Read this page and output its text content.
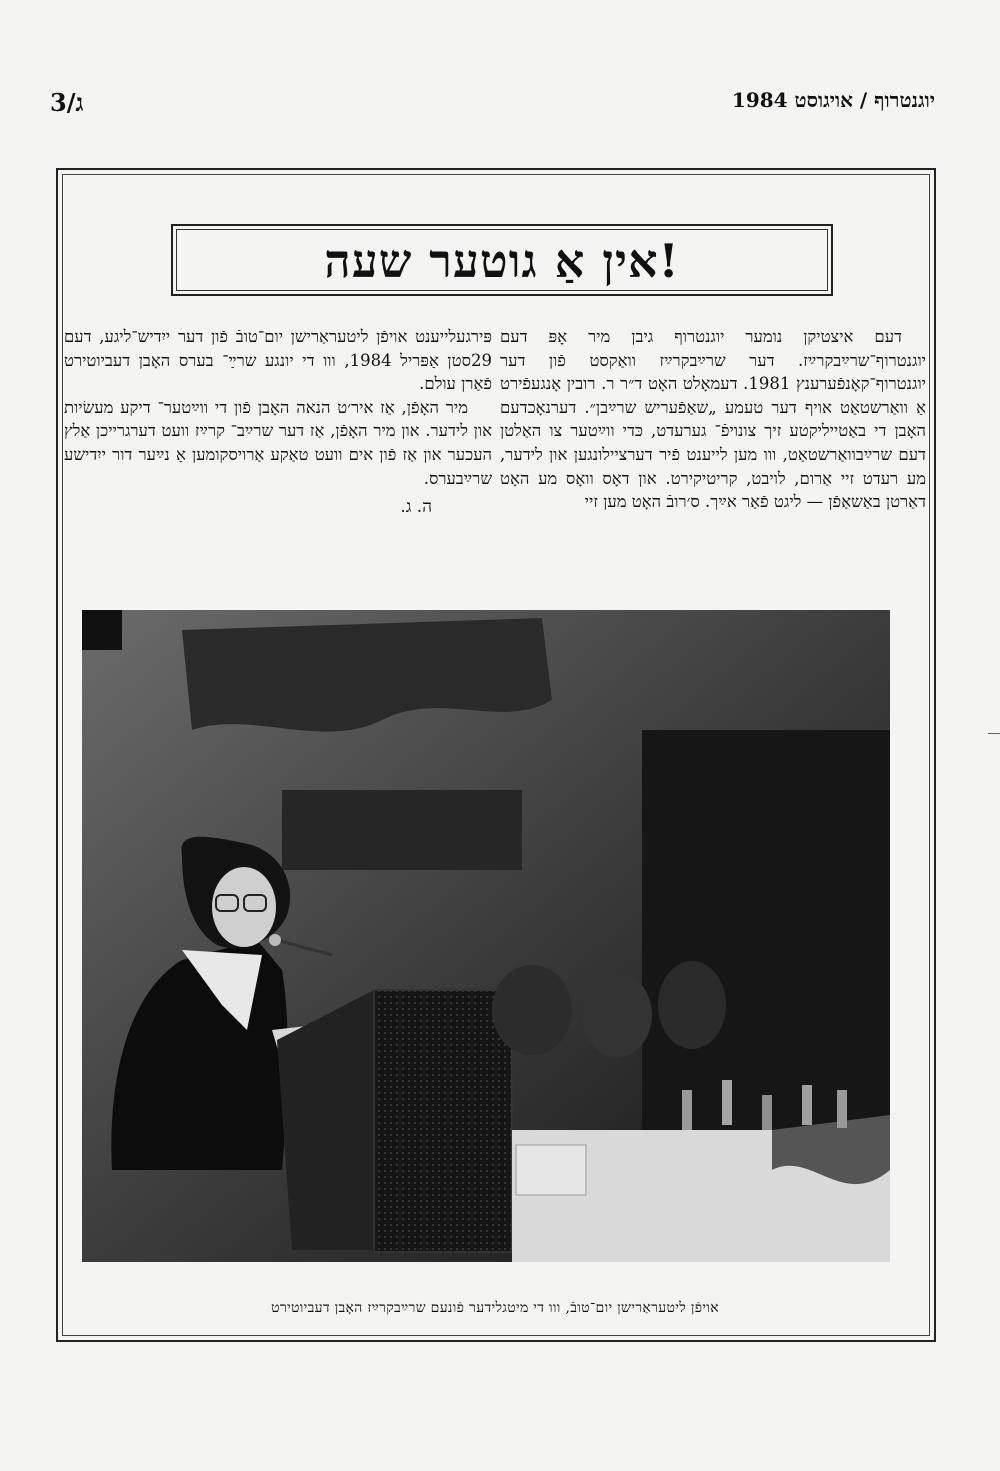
3/ג	יוגנטרוף / אויגוסט 1984
!אין אַ גוטער שעה

דעם איצטיקן נומער יוגנטרוף גיבן מיר אָפּ דעם יוגנטרוף־שרײַבקרײַז. דער שרײַבקרײַז וואַקסט פֿון דער יוגנטרוף־קאָנפֿערענץ 1981. דעמאָלט האָט ד״ר ר. רובין אָנגעפֿירט אַ וואַרשטאַט אויף דער טעמע „שאַפֿעריש שרײַבן״. דערנאָכדעם האָבן די באַטייליקטע זיך צונויפֿ־ גערעדט, כּדי ווײַטער צו האַלטן דעם שרײַבוואַרשטאַט, ווו מען לייענט פֿיר דערציילונגען און לידער, מע רעדט זיי אַרום, לויבט, קריטיקירט. און דאָס וואָס מע האָט דאַרטן באַשאַפֿן — ליגט פֿאַר אײַך. ס׳רובֿ האָט מען זיי

פּירגעלייענט אויפֿן ליטעראַרישן יום־טובֿ פֿון דער ייִדיש־ליגע, דעם 29סטן אַפּריל 1984, ווו די יונגע שרײַ־ בערס האָבן דעביוטירט פֿאַרן עולם.

מיר האָפֿן, אַז איר׳ט הנאה האָבן פֿון די ווײַטער־ דיקע מעשׂיות און לידער. און מיר האָפֿן, אַז דער שרײַב־ קרײַז וועט דערגרייכן אַלץ העכער און אַז פֿון אים וועט טאַקע אַרויסקומען אַ נײַער דור ייִדישע שרײַבערס.

ה. ג.
אויפֿן ליטעראַרישן יום־טובֿ, ווו די מיטגלידער פֿונעם שרײַבקרײַז האָבן דעביוטירט
